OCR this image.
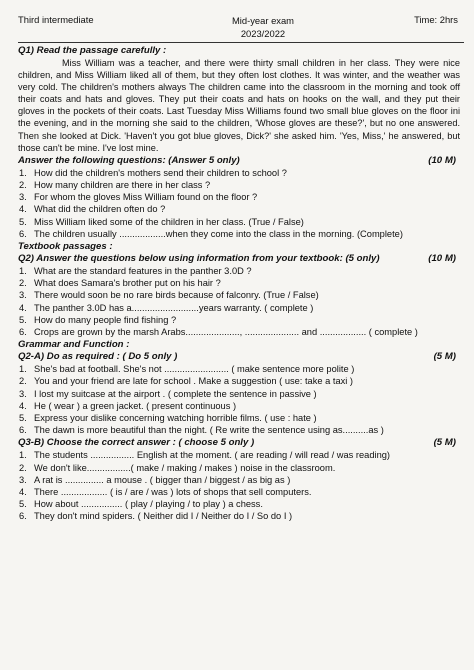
Third intermediate	Mid-year exam
2023/2022
Time: 2hrs
Q1) Read the passage carefully :
Miss William was a teacher, and there were thirty small children in her class. They were nice children, and Miss William liked all of them, but they often lost clothes. It was winter, and the weather was very cold. The children's mothers always The children came into the classroom in the morning and took off their coats and hats and gloves. They put their coats and hats on hooks on the wall, and they put their gloves in the pockets of their coats. Last Tuesday Miss Williams found two small blue gloves on the floor ini the evening, and in the morning she said to the children, 'Whose gloves are these?', but no one answered. Then she looked at Dick. 'Haven't you got blue gloves, Dick?' she asked him. 'Yes, Miss,' he answered, but those can't be mine. I've lost mine.
Answer the following questions: (Answer 5 only)	(10 M)
1. How did the children's mothers send their children to school ?
2. How many children are there in her class ?
3. For whom the gloves Miss William found on the floor ?
4. What did the children often do ?
5. Miss William liked some of the children in her class. (True / False)
6. The children usually ..................when they come into the class in the morning. (Complete)
Textbook passages :
Q2) Answer the questions below using information from your textbook: (5 only)	(10 M)
1. What are the standard features in the panther 3.0D ?
2. What does Samara's brother put on his hair ?
3. There would soon be no rare birds because of falconry. (True / False)
4. The panther 3.0D has a..........................years warranty. ( complete )
5. How do many people find fishing ?
6. Crops are grown by the marsh Arabs....................., ..................... and .................. ( complete )
Grammar and Function :
Q2-A) Do as required : ( Do 5 only )	(5 M)
1. She's bad at football. She's not ......................... ( make sentence more polite )
2. You and your friend are late for school . Make a suggestion ( use: take a taxi )
3. I lost my suitcase at the airport . ( complete the sentence in passive )
4. He ( wear ) a green jacket. ( present continuous )
5. Express your dislike concerning watching horrible films. ( use : hate )
6. The dawn is more beautiful than the night. ( Re write the sentence using as..........as )
Q3-B) Choose the correct answer : ( choose 5 only )	(5 M)
1. The students ................. English at the moment. ( are reading / will read / was reading)
2. We don't like.................( make / making / makes ) noise in the classroom.
3. A rat is ............... a mouse . ( bigger than / biggest / as big as )
4. There .................. ( is / are / was ) lots of shops that sell computers.
5. How about ................ ( play / playing / to play ) a chess.
6. They don't mind spiders. ( Neither did I / Neither do I / So do I )
